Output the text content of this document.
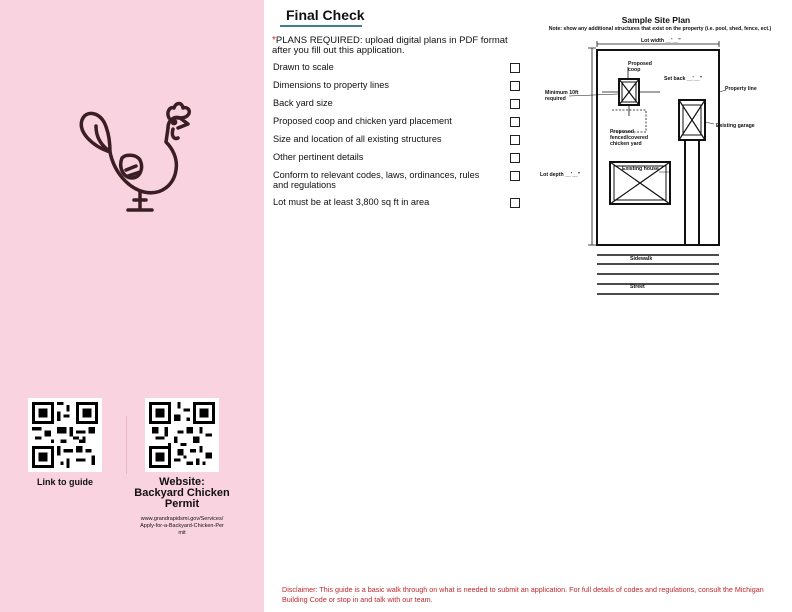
Link to guide	Website: Backyard Chicken Permit
www.grandrapidsmi.gov/Services/Apply-for-a-Backyard-Chicken-Permit
Final Check
*PLANS REQUIRED: upload digital plans in PDF format after you fill out this application.
Drawn to scale
Dimensions to property lines
Back yard size
Proposed coop and chicken yard placement
Size and location of all existing structures
Other pertinent details
Conform to relevant codes, laws, ordinances, rules and regulations
Lot must be at least 3,800 sq ft in area
Sample Site Plan
Note: show any additional structures that exist on the property (i.e. pool, shed, fence, ect.)
Lot width __'__"
Proposed coop
Set back __'__"
Property line
Minimum 10ft required
Existing garage
Proposed fenced/covered chicken yard
Lot depth __'__"
Existing house
Sidewalk
Street
Disclaimer: This guide is a basic walk through on what is needed to submit an application. For full details of codes and regulations, consult the Michigan Building Code or stop in and talk with our team.
